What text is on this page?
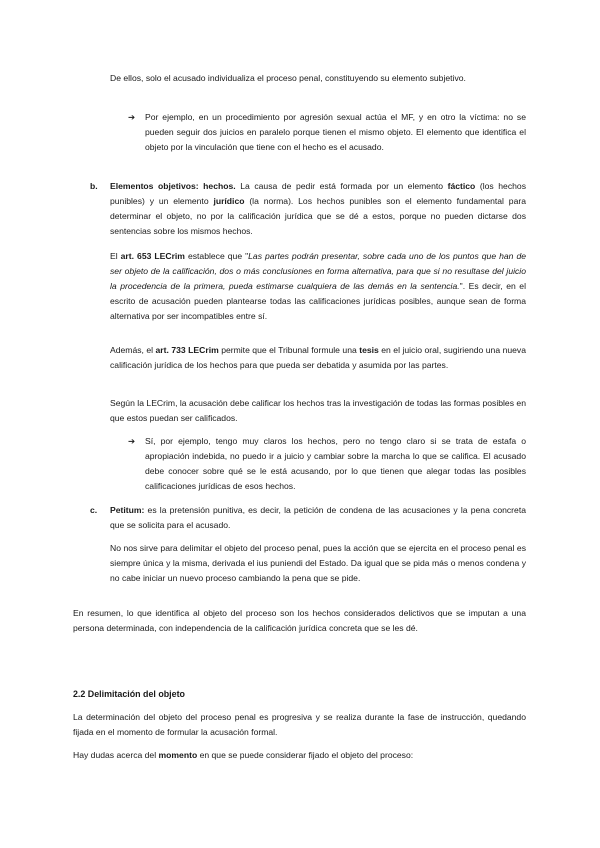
De ellos, solo el acusado individualiza el proceso penal, constituyendo su elemento subjetivo.

➔ Por ejemplo, en un procedimiento por agresión sexual actúa el MF, y en otro la víctima: no se pueden seguir dos juicios en paralelo porque tienen el mismo objeto. El elemento que identifica el objeto por la vinculación que tiene con el hecho es el acusado.

b. Elementos objetivos: hechos. La causa de pedir está formada por un elemento fáctico (los hechos punibles) y un elemento jurídico (la norma). Los hechos punibles son el elemento fundamental para determinar el objeto, no por la calificación jurídica que se dé a estos, porque no pueden dictarse dos sentencias sobre los mismos hechos.

El art. 653 LECrim establece que "Las partes podrán presentar, sobre cada uno de los puntos que han de ser objeto de la calificación, dos o más conclusiones en forma alternativa, para que si no resultase del juicio la procedencia de la primera, pueda estimarse cualquiera de las demás en la sentencia.". Es decir, en el escrito de acusación pueden plantearse todas las calificaciones jurídicas posibles, aunque sean de forma alternativa por ser incompatibles entre sí.

Además, el art. 733 LECrim permite que el Tribunal formule una tesis en el juicio oral, sugiriendo una nueva calificación jurídica de los hechos para que pueda ser debatida y asumida por las partes.

Según la LECrim, la acusación debe calificar los hechos tras la investigación de todas las formas posibles en que estos puedan ser calificados.

➔ Sí, por ejemplo, tengo muy claros los hechos, pero no tengo claro si se trata de estafa o apropiación indebida, no puedo ir a juicio y cambiar sobre la marcha lo que se califica. El acusado debe conocer sobre qué se le está acusando, por lo que tienen que alegar todas las posibles calificaciones jurídicas de esos hechos.

c. Petitum: es la pretensión punitiva, es decir, la petición de condena de las acusaciones y la pena concreta que se solicita para el acusado.

No nos sirve para delimitar el objeto del proceso penal, pues la acción que se ejercita en el proceso penal es siempre única y la misma, derivada el ius puniendi del Estado. Da igual que se pida más o menos condena y no cabe iniciar un nuevo proceso cambiando la pena que se pide.

En resumen, lo que identifica al objeto del proceso son los hechos considerados delictivos que se imputan a una persona determinada, con independencia de la calificación jurídica concreta que se les dé.

2.2 Delimitación del objeto

La determinación del objeto del proceso penal es progresiva y se realiza durante la fase de instrucción, quedando fijada en el momento de formular la acusación formal.

Hay dudas acerca del momento en que se puede considerar fijado el objeto del proceso:
